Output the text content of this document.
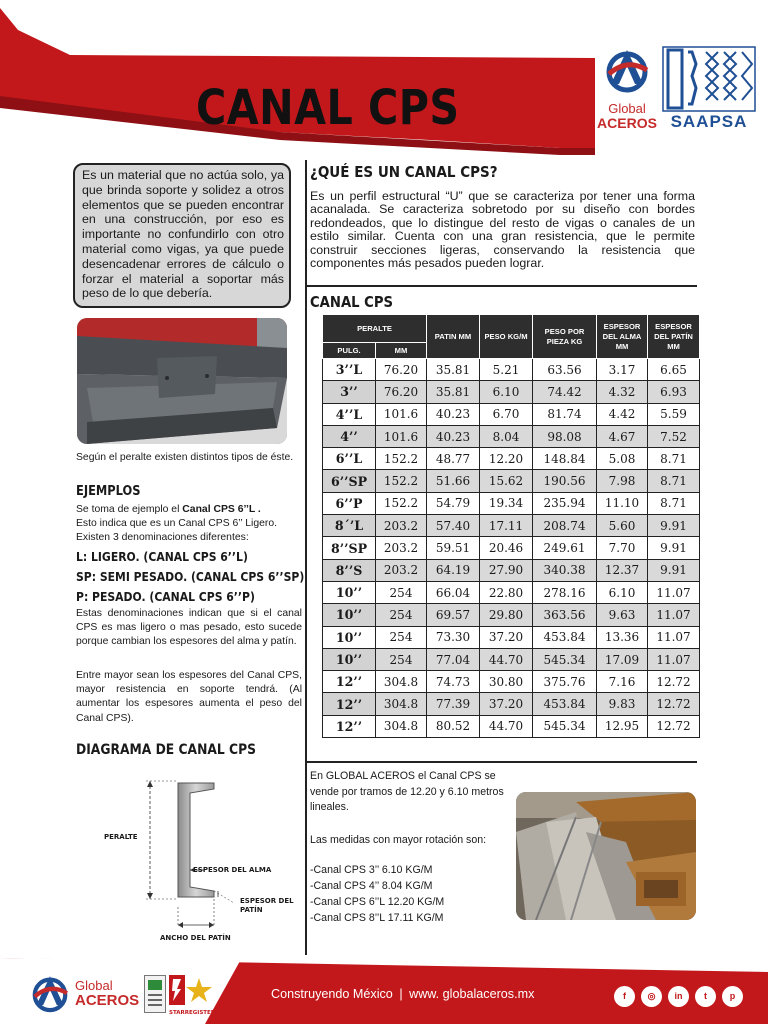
CANAL CPS	Global
ACEROS SAAPSA
Es un material que no actúa solo, ya que brinda soporte y solidez a otros elementos que se pueden encontrar en una construcción, por eso es importante no confundirlo con otro material como vigas, ya que puede desencadenar errores de cálculo o forzar el material a soportar más peso de lo que debería.
Según el peralte existen distintos tipos de éste.
EJEMPLOS
Se toma de ejemplo el Canal CPS 6’’L .
Esto indica que es un Canal CPS 6’’ Ligero.
Existen 3 denominaciones diferentes:
L: LIGERO. (CANAL CPS 6’’L)
SP: SEMI PESADO. (CANAL CPS 6’’SP)
P: PESADO. (CANAL CPS 6’’P)
Estas denominaciones indican que si el canal CPS es mas ligero o mas pesado, esto sucede porque cambian los espesores del alma y patín.
Entre mayor sean los espesores del Canal CPS, mayor resistencia en soporte tendrá. (Al aumentar los espesores aumenta el peso del Canal CPS).
DIAGRAMA DE CANAL CPS
PERALTE
ESPESOR DEL ALMA
ESPESOR DEL PATÍN
ANCHO DEL PATÍN
¿QUÉ ES UN CANAL CPS?
Es un perfil estructural “U” que se caracteriza por tener una forma acanalada. Se caracteriza sobretodo por su diseño con bordes redondeados, que lo distingue del resto de vigas o canales de un estilo similar. Cuenta con una gran resistencia, que le permite construir secciones ligeras, conservando la resistencia que componentes más pesados pueden lograr.
CANAL CPS
PERALTE		PATIN MM	PESO KG/M	PESO POR PIEZA KG	ESPESOR DEL ALMA MM	ESPESOR DEL PATÍN MM
PULG.	MM					
3’’L	76.20	35.81	5.21	63.56	3.17	6.65
3’’	76.20	35.81	6.10	74.42	4.32	6.93
4’’L	101.6	40.23	6.70	81.74	4.42	5.59
4’’	101.6	40.23	8.04	98.08	4.67	7.52
6’’L	152.2	48.77	12.20	148.84	5.08	8.71
6’’SP	152.2	51.66	15.62	190.56	7.98	8.71
6’’P	152.2	54.79	19.34	235.94	11.10	8.71
8´’L	203.2	57.40	17.11	208.74	5.60	9.91
8’’SP	203.2	59.51	20.46	249.61	7.70	9.91
8’’S	203.2	64.19	27.90	340.38	12.37	9.91
10’’	254	66.04	22.80	278.16	6.10	11.07
10’’	254	69.57	29.80	363.56	9.63	11.07
10’’	254	73.30	37.20	453.84	13.36	11.07
10’’	254	77.04	44.70	545.34	17.09	11.07
12’’	304.8	74.73	30.80	375.76	7.16	12.72
12’’	304.8	77.39	37.20	453.84	9.83	12.72
12’’	304.8	80.52	44.70	545.34	12.95	12.72
En GLOBAL ACEROS el Canal CPS se vende por tramos de 12.20 y 6.10 metros lineales.
Las medidas con mayor rotación son:
-Canal CPS 3’’ 6.10 KG/M
-Canal CPS 4’’ 8.04 KG/M
-Canal CPS 6’’L 12.20 KG/M
-Canal CPS 8’’L 17.11 KG/M
Global
ACEROS
STARREGISTER
Construyendo México | www. globalaceros.mx	f	◎	in	t	p
